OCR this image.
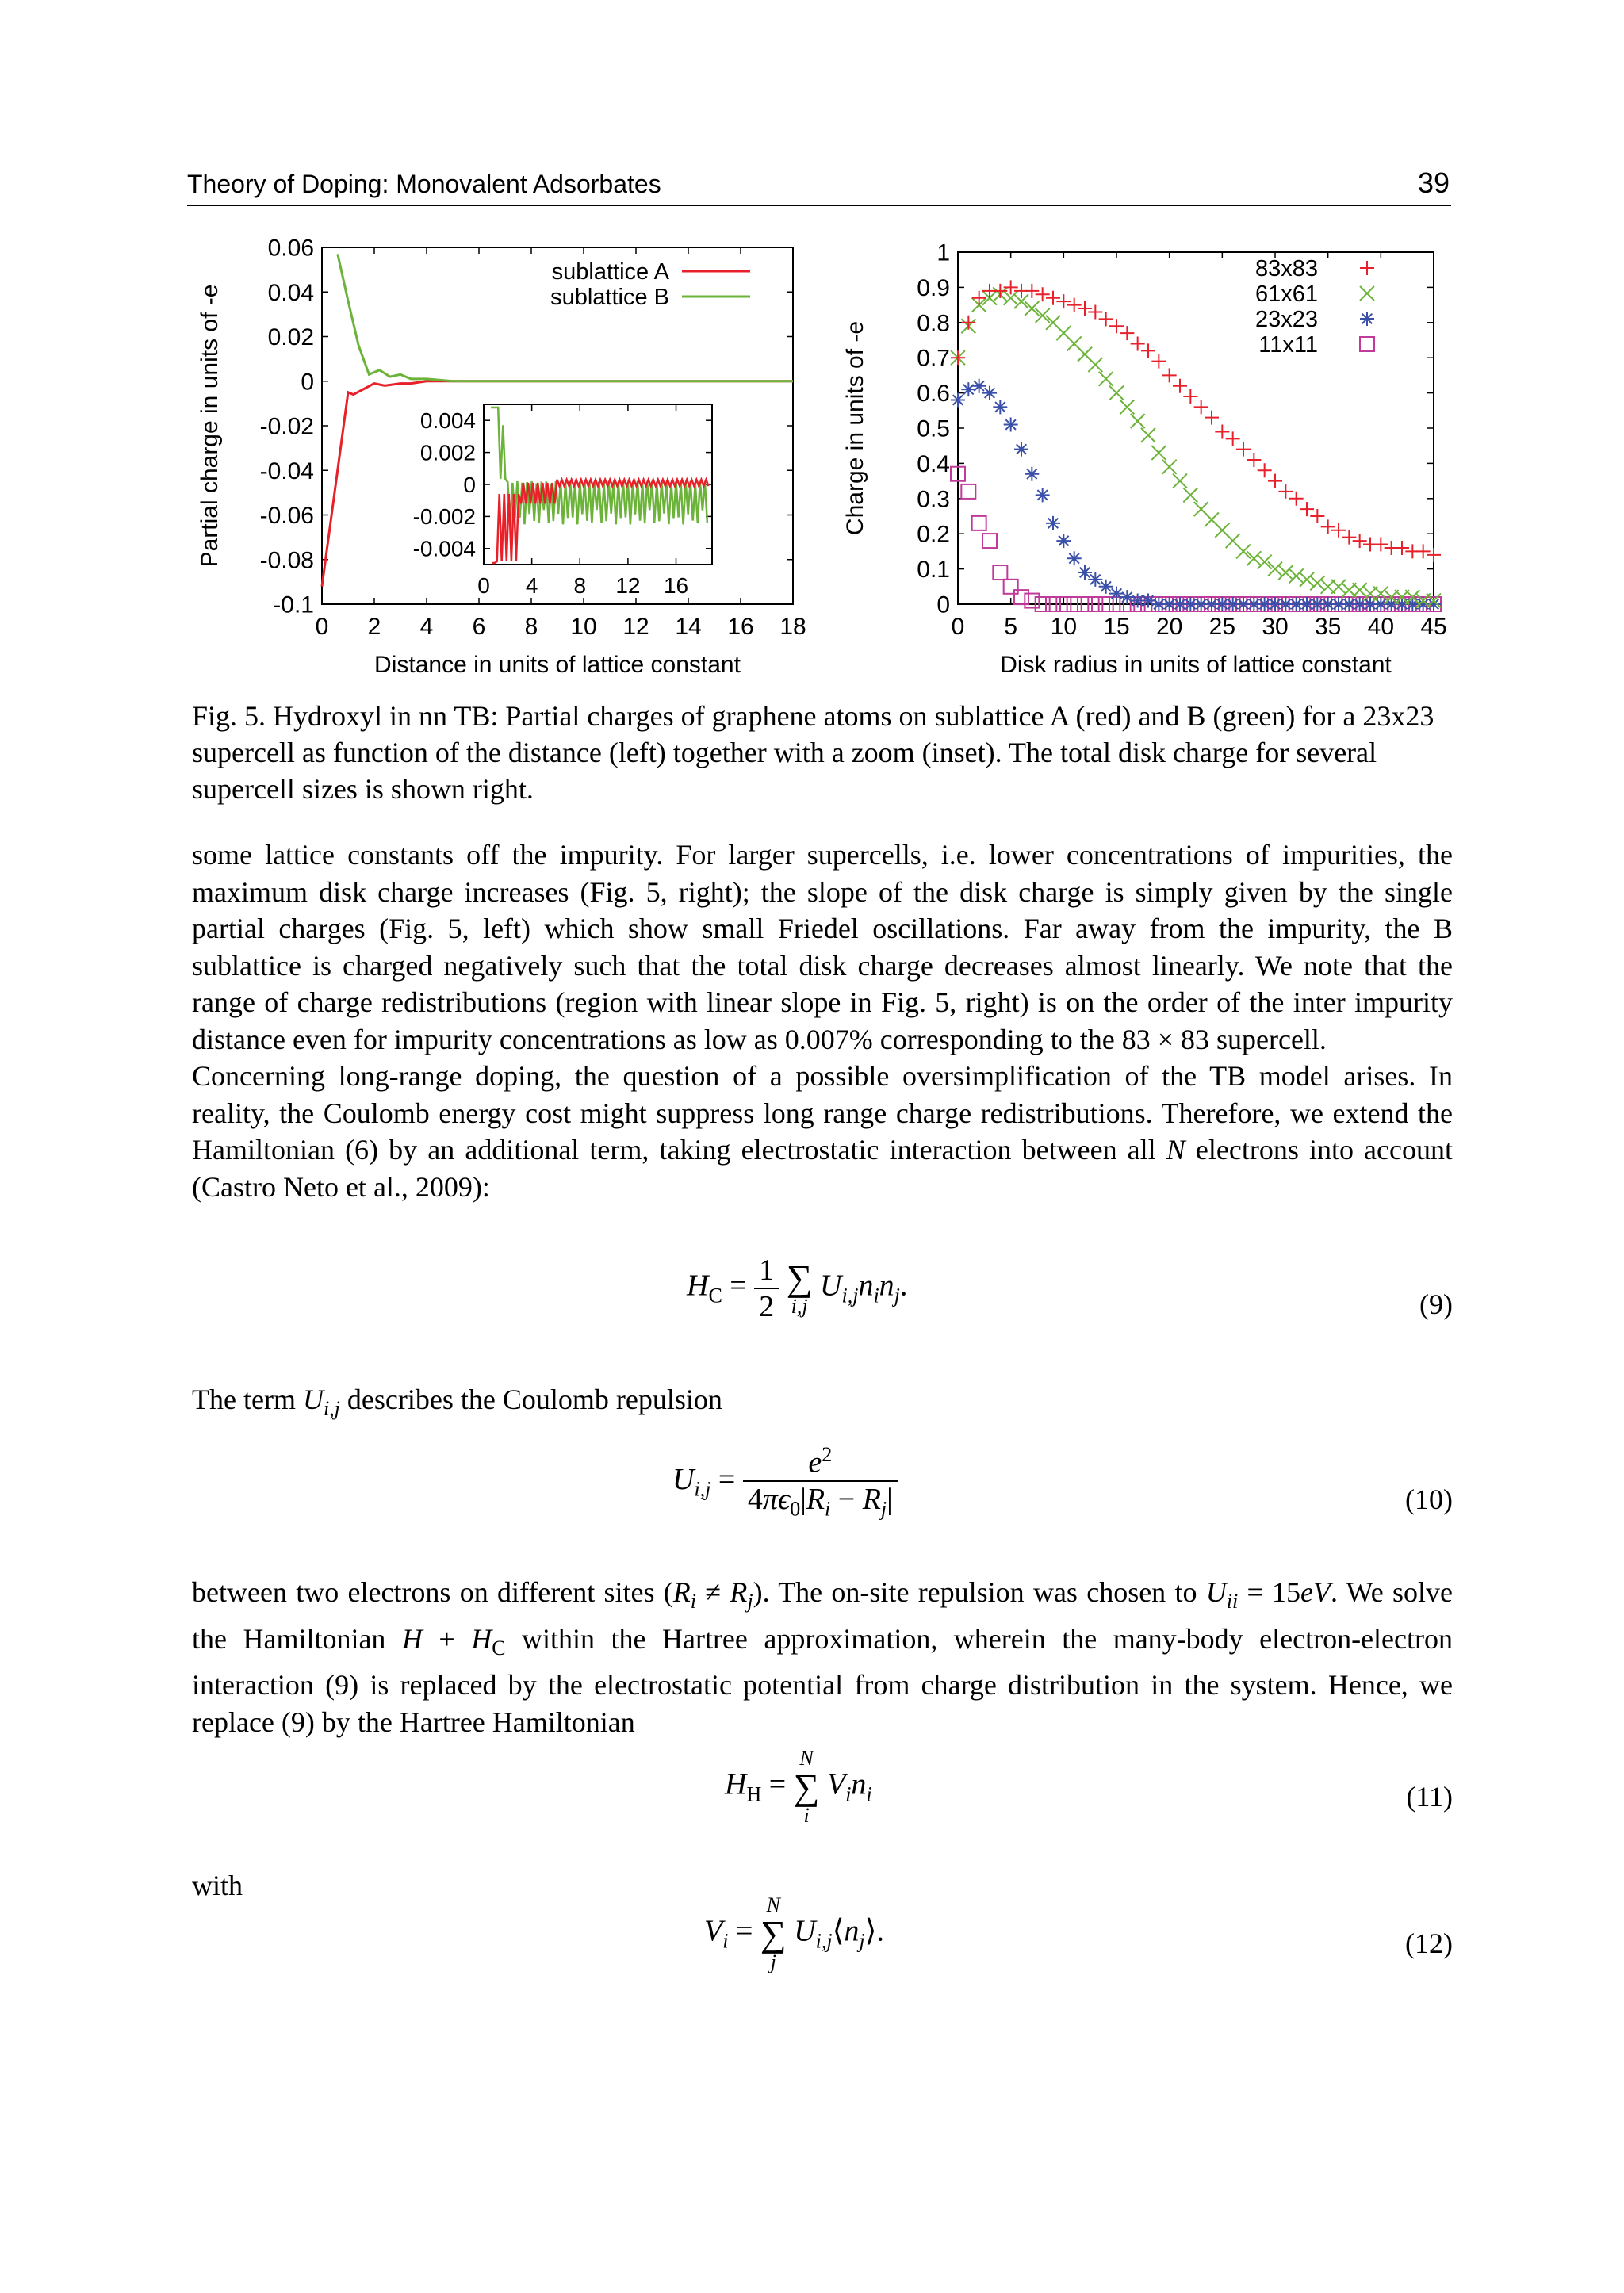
Theory of Doping: Monovalent Adsorbates	39
0 2 4 6 8 10 12 14 16 18
-0.1
-0.08
-0.06
-0.04
-0.02
0
0.02
0.04
0.06
Distance in units of lattice constant
Partial charge in units of -e
sublattice A
sublattice B
0 4 8 12 16
0.004
0.002
0
-0.002
-0.004
0 5 10 15 20 25 30 35 40 45
0
0.1
0.2
0.3
0.4
0.5
0.6
0.7
0.8
0.9
1
Disk radius in units of lattice constant
Charge in units of -e
83x83
61x61
23x23
11x11
Fig. 5. Hydroxyl in nn TB: Partial charges of graphene atoms on sublattice A (red) and B (green) for a 23x23 supercell as function of the distance (left) together with a zoom (inset). The total disk charge for several supercell sizes is shown right.
some lattice constants off the impurity. For larger supercells, i.e. lower concentrations of impurities, the maximum disk charge increases (Fig. 5, right); the slope of the disk charge is simply given by the single partial charges (Fig. 5, left) which show small Friedel oscillations. Far away from the impurity, the B sublattice is charged negatively such that the total disk charge decreases almost linearly. We note that the range of charge redistributions (region with linear slope in Fig. 5, right) is on the order of the inter impurity distance even for impurity concentrations as low as 0.007% corresponding to the 83 × 83 supercell.
Concerning long-range doping, the question of a possible oversimplification of the TB model arises. In reality, the Coulomb energy cost might suppress long range charge redistributions. Therefore, we extend the Hamiltonian (6) by an additional term, taking electrostatic interaction between all N electrons into account (Castro Neto et al., 2009):
$H_C = \frac{1}{2}$
∑
i,j
$U_{i,j}n_in_j$.
(9)
The term $U_{i,j}$ describes the Coulomb repulsion
$U_{i,j} = \frac{e^2}{4\pi\epsilon_0|R_i - R_j|}$	(10)
between two electrons on different sites $(R_i \ne R_j)$. The on-site repulsion was chosen to $U_{ii} = 15eV$. We solve the Hamiltonian $H + H_C$ within the Hartree approximation, wherein the many-body electron-electron interaction (9) is replaced by the electrostatic potential from charge distribution in the system. Hence, we replace (9) by the Hartree Hamiltonian
$H_H$ =
N
∑
i
$V_in_i$	(11)
with
$V_i$ =
N
∑
j
$U_{i,j}⟨n_j⟩$.	(12)
